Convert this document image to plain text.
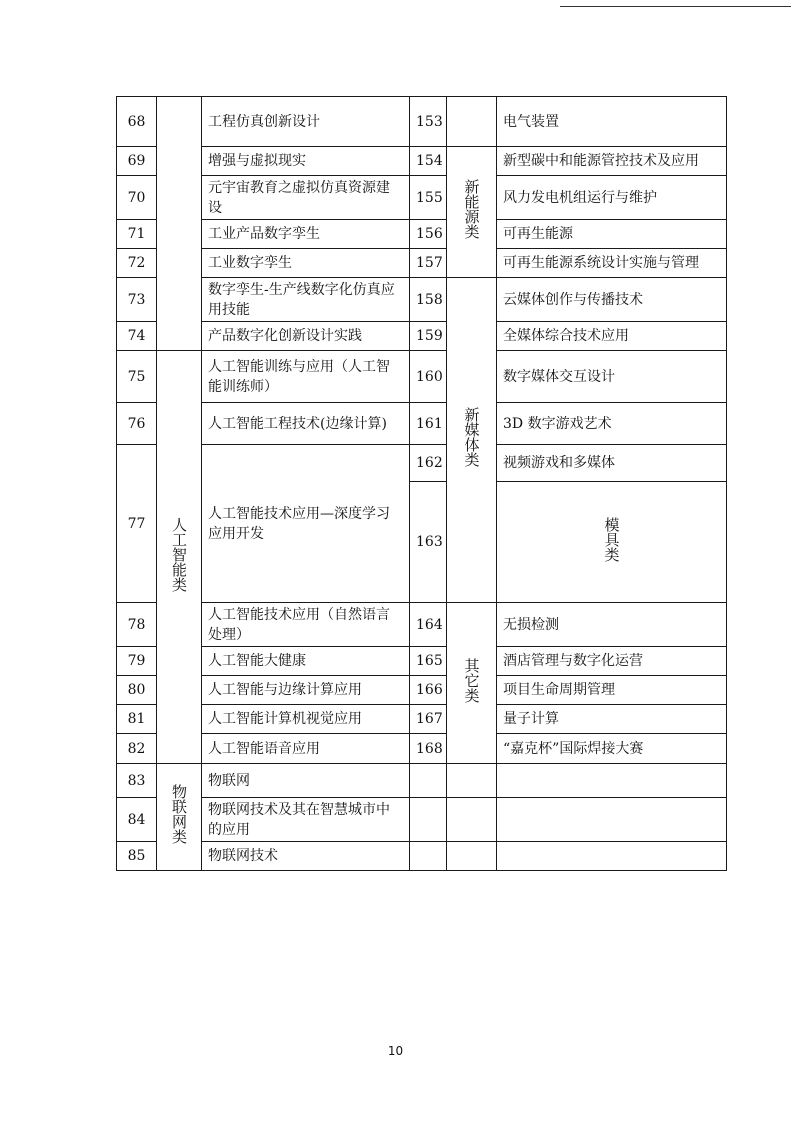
68		工程仿真创新设计	153		电气装置	
69		增强与虚拟现实	154	新能源类	新型碳中和能源管控技术及应用	
70		元宇宙教育之虚拟仿真资源建设	155		风力发电机组运行与维护	
71		工业产品数字孪生	156		可再生能源	
72		工业数字孪生	157		可再生能源系统设计实施与管理	
73		数字孪生-生产线数字化仿真应用技能	158	新媒体类	云媒体创作与传播技术	
74		产品数字化创新设计实践	159		全媒体综合技术应用	
75	人工智能类	人工智能训练与应用（人工智能训练师）	160		数字媒体交互设计	
76		人工智能工程技术(边缘计算)	161		3D 数字游戏艺术	
77		人工智能技术应用—深度学习应用开发	162		视频游戏和多媒体	
			163		模具类	
78		人工智能技术应用（自然语言处理）	164	其它类	无损检测	
79		人工智能大健康	165		酒店管理与数字化运营	
80		人工智能与边缘计算应用	166		项目生命周期管理	
81		人工智能计算机视觉应用	167		量子计算	
82		人工智能语音应用	168		“嘉克杯”国际焊接大赛	
83	物联网类	物联网				
84		物联网技术及其在智慧城市中的应用				
85		物联网技术				
10
